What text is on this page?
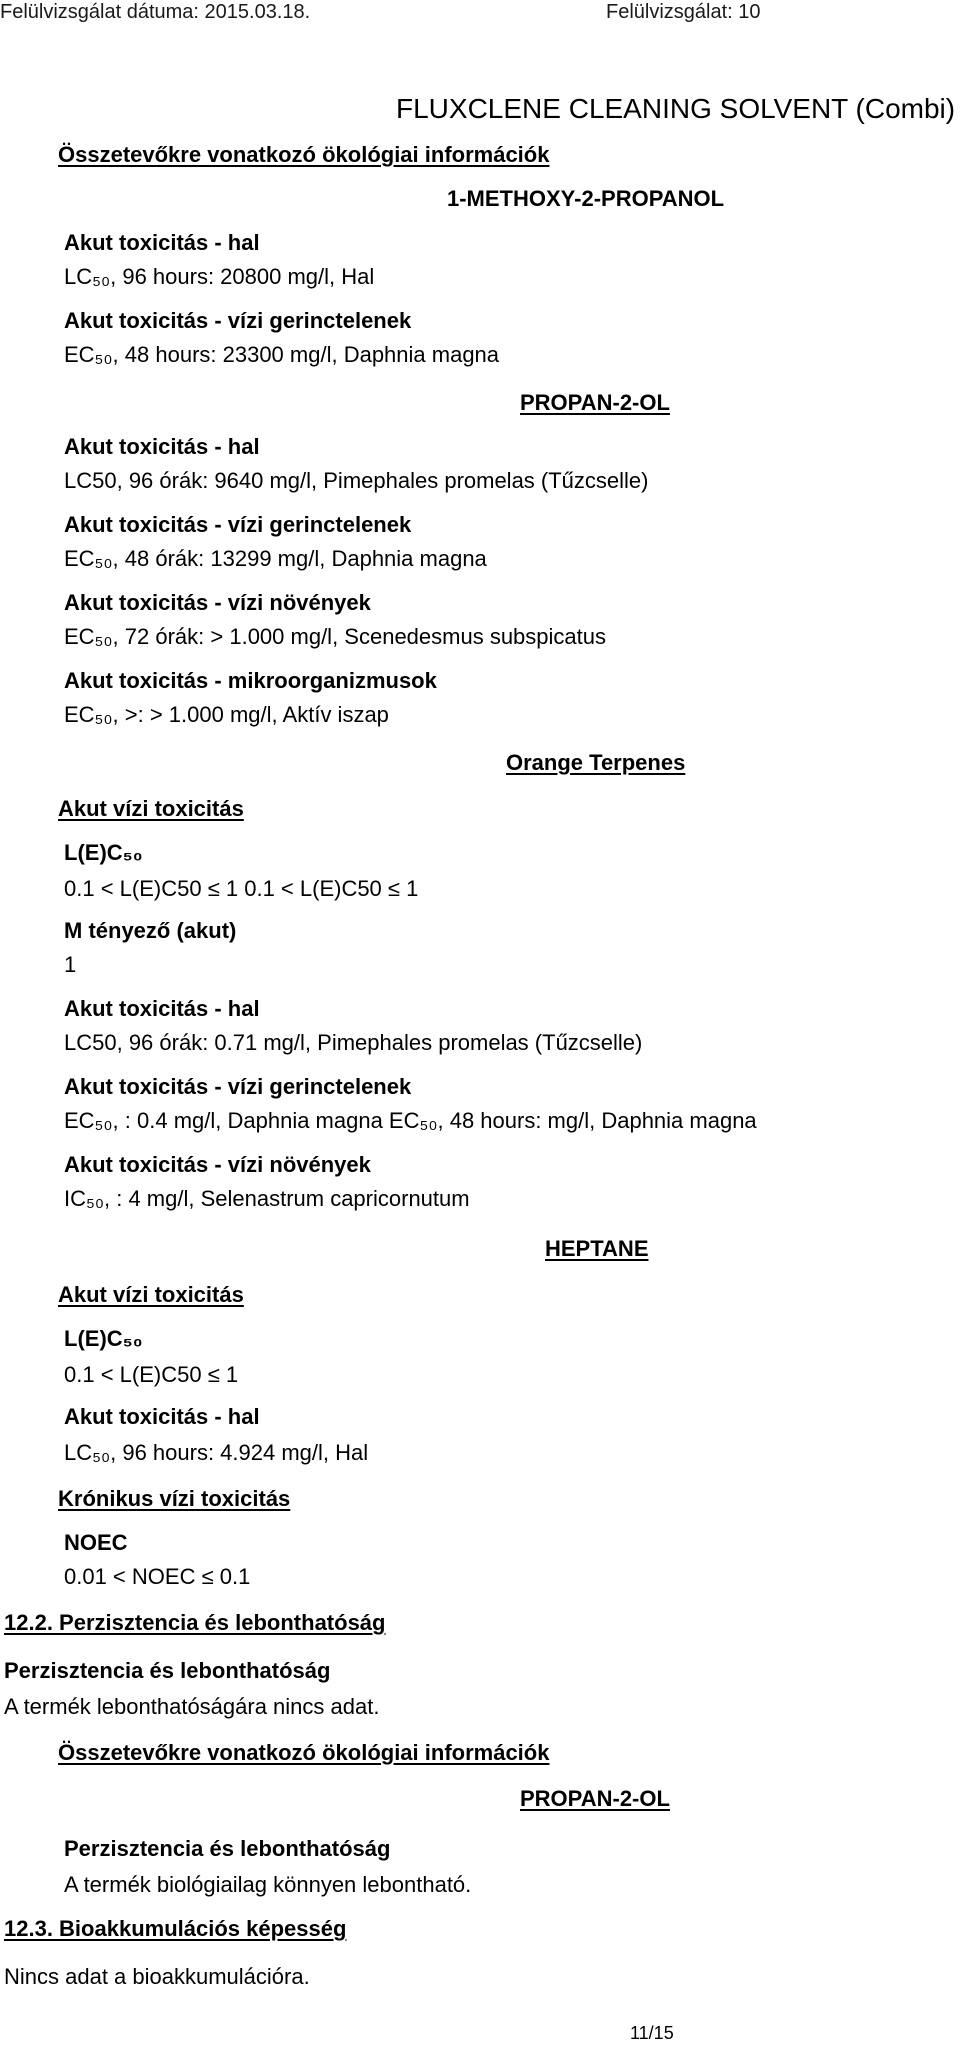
Felülvizsgálat dátuma: 2015.03.18.	Felülvizsgálat: 10
FLUXCLENE CLEANING SOLVENT (Combi)
Összetevőkre vonatkozó ökológiai információk
1-METHOXY-2-PROPANOL
Akut toxicitás - hal
LC₅₀, 96 hours: 20800 mg/l, Hal
Akut toxicitás - vízi gerinctelenek
EC₅₀, 48 hours: 23300 mg/l, Daphnia magna
PROPAN-2-OL
Akut toxicitás - hal
LC50, 96 órák: 9640 mg/l, Pimephales promelas (Tűzcselle)
Akut toxicitás - vízi gerinctelenek
EC₅₀, 48 órák: 13299 mg/l, Daphnia magna
Akut toxicitás - vízi növények
EC₅₀, 72 órák: > 1.000 mg/l, Scenedesmus subspicatus
Akut toxicitás - mikroorganizmusok
EC₅₀, >: > 1.000 mg/l, Aktív iszap
Orange Terpenes
Akut vízi toxicitás
L(E)C₅₀
0.1 < L(E)C50 ≤ 1 0.1 < L(E)C50 ≤ 1
M tényező (akut)
1
Akut toxicitás - hal
LC50, 96 órák: 0.71 mg/l, Pimephales promelas (Tűzcselle)
Akut toxicitás - vízi gerinctelenek
EC₅₀, : 0.4 mg/l, Daphnia magna EC₅₀, 48 hours: mg/l, Daphnia magna
Akut toxicitás - vízi növények
IC₅₀, : 4 mg/l, Selenastrum capricornutum
HEPTANE
Akut vízi toxicitás
L(E)C₅₀
0.1 < L(E)C50 ≤ 1
Akut toxicitás - hal
LC₅₀, 96 hours: 4.924 mg/l, Hal
Krónikus vízi toxicitás
NOEC
0.01 < NOEC ≤ 0.1
12.2. Perzisztencia és lebonthatóság
Perzisztencia és lebonthatóság
A termék lebonthatóságára nincs adat.
Összetevőkre vonatkozó ökológiai információk
PROPAN-2-OL
Perzisztencia és lebonthatóság
A termék biológiailag könnyen lebontható.
12.3. Bioakkumulációs képesség
Nincs adat a bioakkumulációra.
11/15
